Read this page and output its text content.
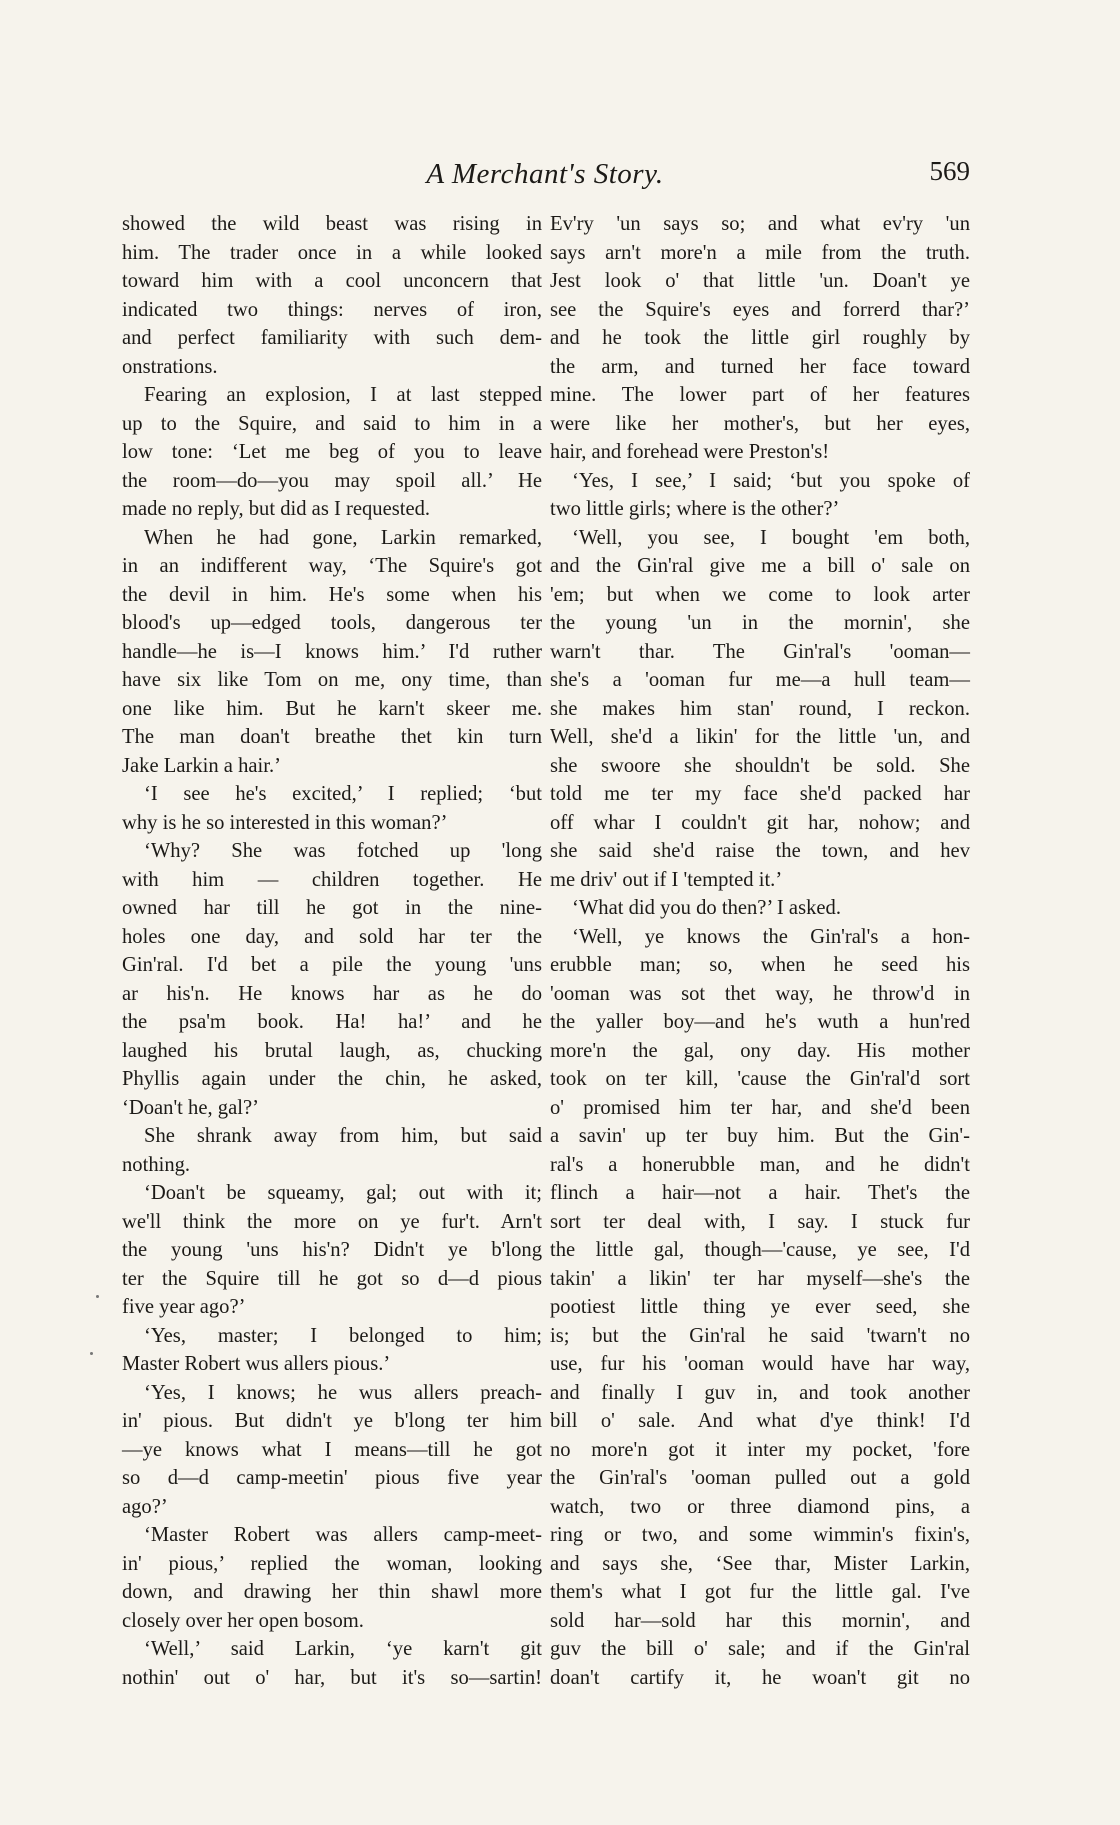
A Merchant's Story.	569
showed the wild beast was rising in
him. The trader once in a while looked
toward him with a cool unconcern that
indicated two things: nerves of iron,
and perfect familiarity with such dem-
onstrations.
Fearing an explosion, I at last stepped
up to the Squire, and said to him in a
low tone: ‘Let me beg of you to leave
the room—do—you may spoil all.’ He
made no reply, but did as I requested.
When he had gone, Larkin remarked,
in an indifferent way, ‘The Squire's got
the devil in him. He's some when his
blood's up—edged tools, dangerous ter
handle—he is—I knows him.’ I'd ruther
have six like Tom on me, ony time, than
one like him. But he karn't skeer me.
The man doan't breathe thet kin turn
Jake Larkin a hair.’
‘I see he's excited,’ I replied; ‘but
why is he so interested in this woman?’
‘Why? She was fotched up 'long
with him — children together. He
owned har till he got in the nine-
holes one day, and sold har ter the
Gin'ral. I'd bet a pile the young 'uns
ar his'n. He knows har as he do
the psa'm book. Ha! ha!’ and he
laughed his brutal laugh, as, chucking
Phyllis again under the chin, he asked,
‘Doan't he, gal?’
She shrank away from him, but said
nothing.
‘Doan't be squeamy, gal; out with it;
we'll think the more on ye fur't. Arn't
the young 'uns his'n? Didn't ye b'long
ter the Squire till he got so d—d pious
five year ago?’
‘Yes, master; I belonged to him;
Master Robert wus allers pious.’
‘Yes, I knows; he wus allers preach-
in' pious. But didn't ye b'long ter him
—ye knows what I means—till he got
so d—d camp-meetin' pious five year
ago?’
‘Master Robert was allers camp-meet-
in' pious,’ replied the woman, looking
down, and drawing her thin shawl more
closely over her open bosom.
‘Well,’ said Larkin, ‘ye karn't git
nothin' out o' har, but it's so—sartin!
Ev'ry 'un says so; and what ev'ry 'un
says arn't more'n a mile from the truth.
Jest look o' that little 'un. Doan't ye
see the Squire's eyes and forrerd thar?’
and he took the little girl roughly by
the arm, and turned her face toward
mine. The lower part of her features
were like her mother's, but her eyes,
hair, and forehead were Preston's!
‘Yes, I see,’ I said; ‘but you spoke of
two little girls; where is the other?’
‘Well, you see, I bought 'em both,
and the Gin'ral give me a bill o' sale on
'em; but when we come to look arter
the young 'un in the mornin', she
warn't thar. The Gin'ral's 'ooman—
she's a 'ooman fur me—a hull team—
she makes him stan' round, I reckon.
Well, she'd a likin' for the little 'un, and
she swoore she shouldn't be sold. She
told me ter my face she'd packed har
off whar I couldn't git har, nohow; and
she said she'd raise the town, and hev
me driv' out if I 'tempted it.’
‘What did you do then?’ I asked.
‘Well, ye knows the Gin'ral's a hon-
erubble man; so, when he seed his
'ooman was sot thet way, he throw'd in
the yaller boy—and he's wuth a hun'red
more'n the gal, ony day. His mother
took on ter kill, 'cause the Gin'ral'd sort
o' promised him ter har, and she'd been
a savin' up ter buy him. But the Gin'-
ral's a honerubble man, and he didn't
flinch a hair—not a hair. Thet's the
sort ter deal with, I say. I stuck fur
the little gal, though—'cause, ye see, I'd
takin' a likin' ter har myself—she's the
pootiest little thing ye ever seed, she
is; but the Gin'ral he said 'twarn't no
use, fur his 'ooman would have har way,
and finally I guv in, and took another
bill o' sale. And what d'ye think! I'd
no more'n got it inter my pocket, 'fore
the Gin'ral's 'ooman pulled out a gold
watch, two or three diamond pins, a
ring or two, and some wimmin's fixin's,
and says she, ‘See thar, Mister Larkin,
them's what I got fur the little gal. I've
sold har—sold har this mornin', and
guv the bill o' sale; and if the Gin'ral
doan't cartify it, he woan't git no
